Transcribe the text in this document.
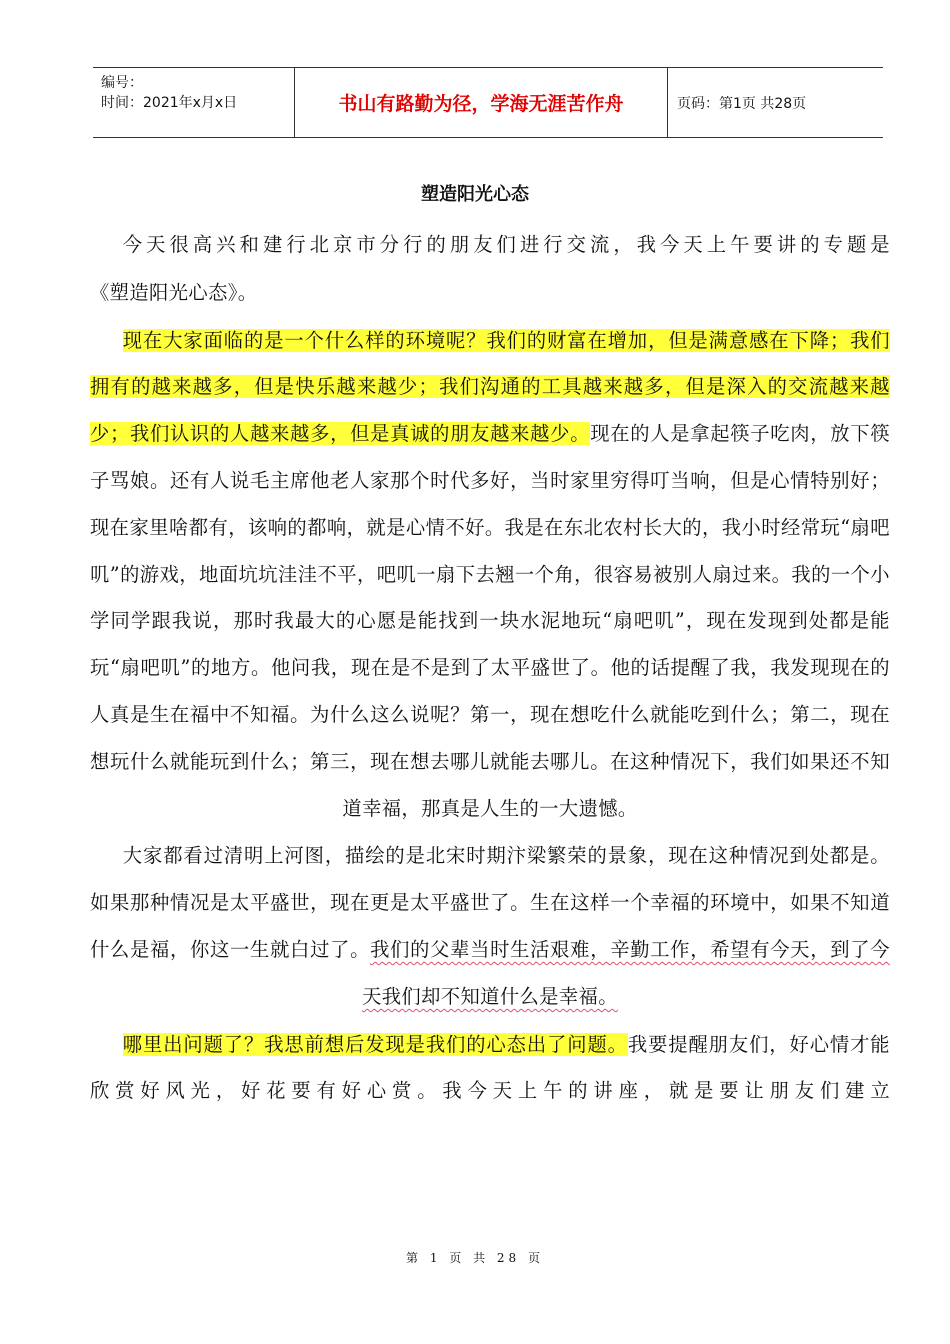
编号：
时间：2021年x月x日	书山有路勤为径，学海无涯苦作舟	页码：第1页 共28页
塑造阳光心态

今天很高兴和建行北京市分行的朋友们进行交流，我今天上午要讲的专题是

《塑造阳光心态》。

现在大家面临的是一个什么样的环境呢？我们的财富在增加，但是满意感在下降；我们拥有的越来越多，但是快乐越来越少；我们沟通的工具越来越多，但是深入的交流越来越少；我们认识的人越来越多，但是真诚的朋友越来越少。现在的人是拿起筷子吃肉，放下筷子骂娘。还有人说毛主席他老人家那个时代多好，当时家里穷得叮当响，但是心情特别好；现在家里啥都有，该响的都响，就是心情不好。我是在东北农村长大的，我小时经常玩“扇吧叽”的游戏，地面坑坑洼洼不平，吧叽一扇下去翘一个角，很容易被别人扇过来。我的一个小学同学跟我说，那时我最大的心愿是能找到一块水泥地玩“扇吧叽”，现在发现到处都是能玩“扇吧叽”的地方。他问我，现在是不是到了太平盛世了。他的话提醒了我，我发现现在的人真是生在福中不知福。为什么这么说呢？第一，现在想吃什么就能吃到什么；第二，现在想玩什么就能玩到什么；第三，现在想去哪儿就能去哪儿。在这种情况下，我们如果还不知道幸福，那真是人生的一大遗憾。

大家都看过清明上河图，描绘的是北宋时期汴梁繁荣的景象，现在这种情况到处都是。如果那种情况是太平盛世，现在更是太平盛世了。生在这样一个幸福的环境中，如果不知道什么是福，你这一生就白过了。我们的父辈当时生活艰难，辛勤工作，希望有今天，到了今天我们却不知道什么是幸福。

哪里出问题了？我思前想后发现是我们的心态出了问题。我要提醒朋友们，好心情才能欣赏好风光，好花要有好心赏。我今天上午的讲座，就是要让朋友们建立

第 1 页 共 28 页
